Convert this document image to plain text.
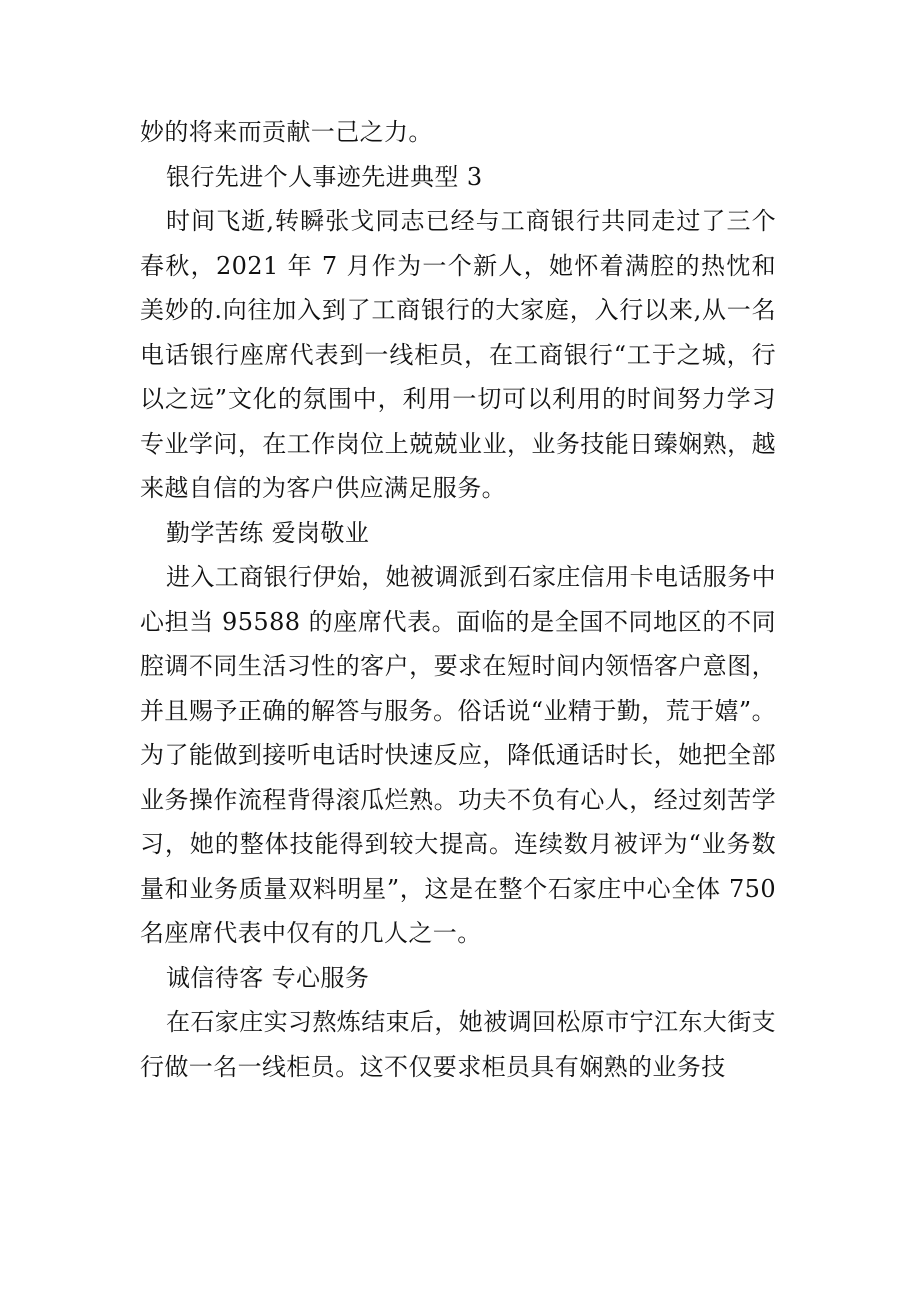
妙的将来而贡献一己之力。

银行先进个人事迹先进典型 3

时间飞逝,转瞬张戈同志已经与工商银行共同走过了三个春秋，2021 年 7 月作为一个新人，她怀着满腔的热忱和美妙的.向往加入到了工商银行的大家庭，入行以来,从一名电话银行座席代表到一线柜员，在工商银行“工于之城，行以之远”文化的氛围中，利用一切可以利用的时间努力学习专业学问，在工作岗位上兢兢业业，业务技能日臻娴熟，越来越自信的为客户供应满足服务。

勤学苦练 爱岗敬业

进入工商银行伊始，她被调派到石家庄信用卡电话服务中心担当 95588 的座席代表。面临的是全国不同地区的不同腔调不同生活习性的客户，要求在短时间内领悟客户意图，并且赐予正确的解答与服务。俗话说“业精于勤，荒于嬉”。为了能做到接听电话时快速反应，降低通话时长，她把全部业务操作流程背得滚瓜烂熟。功夫不负有心人，经过刻苦学习，她的整体技能得到较大提高。连续数月被评为“业务数量和业务质量双料明星”，这是在整个石家庄中心全体 750 名座席代表中仅有的几人之一。

诚信待客 专心服务

在石家庄实习熬炼结束后，她被调回松原市宁江东大街支行做一名一线柜员。这不仅要求柜员具有娴熟的业务技
